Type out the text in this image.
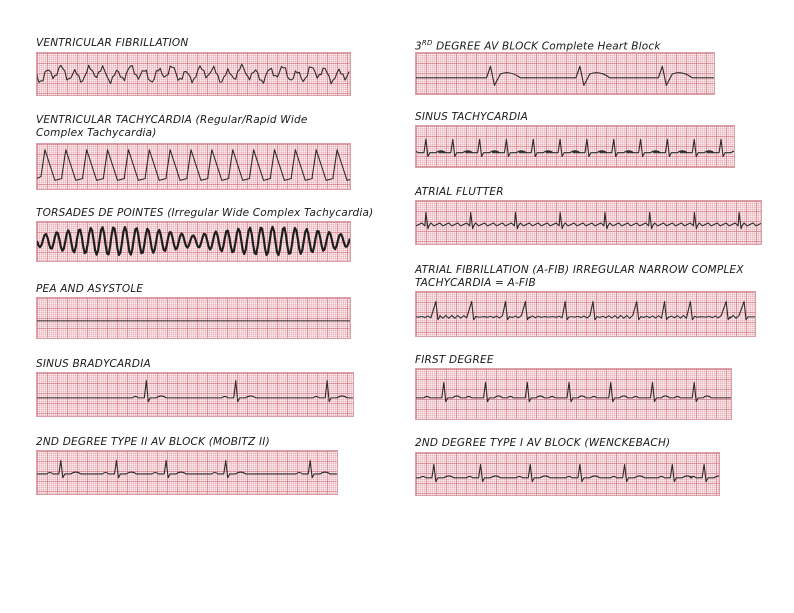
VENTRICULAR FIBRILLATION
VENTRICULAR TACHYCARDIA (Regular/Rapid Wide Complex Tachycardia)
TORSADES DE POINTES (Irregular Wide Complex Tachycardia)
PEA AND ASYSTOLE
SINUS BRADYCARDIA
2ND DEGREE TYPE II AV BLOCK (MOBITZ II)
3RD DEGREE AV BLOCK Complete Heart Block
SINUS TACHYCARDIA
ATRIAL FLUTTER
ATRIAL FIBRILLATION (A-FIB) IRREGULAR NARROW COMPLEX TACHYCARDIA = A-FIB
FIRST DEGREE
2ND DEGREE TYPE I AV BLOCK (WENCKEBACH)
